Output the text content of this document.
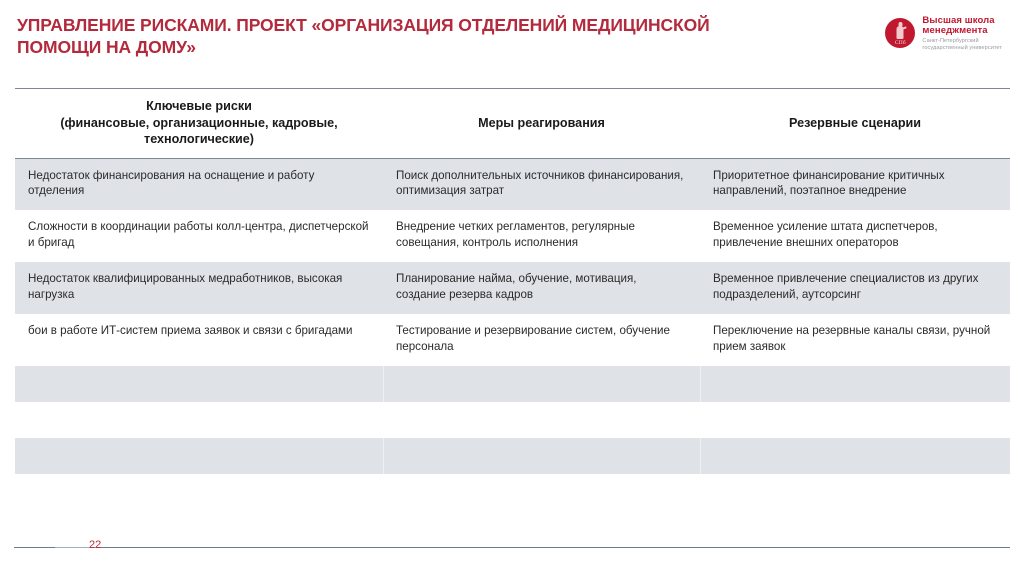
УПРАВЛЕНИЕ РИСКАМИ. ПРОЕКТ «ОРГАНИЗАЦИЯ ОТДЕЛЕНИЙ МЕДИЦИНСКОЙ ПОМОЩИ НА ДОМУ»	СПб
Высшая школа
менеджмента
Санкт-Петербургский
государственный университет
Ключевые риски
(финансовые, организационные, кадровые,
технологические)	Меры реагирования	Резервные сценарии
Недостаток финансирования на оснащение и работу отделения	Поиск дополнительных источников финансирования, оптимизация затрат	Приоритетное финансирование критичных направлений, поэтапное внедрение
Сложности в координации работы колл-центра, диспетчерской и бригад	Внедрение четких регламентов, регулярные совещания, контроль исполнения	Временное усиление штата диспетчеров, привлечение внешних операторов
Недостаток квалифицированных медработников, высокая нагрузка	Планирование найма, обучение, мотивация, создание резерва кадров	Временное привлечение специалистов из других подразделений, аутсорсинг
бои в работе ИТ-систем приема заявок и связи с бригадами	Тестирование и резервирование систем, обучение персонала	Переключение на резервные каналы связи, ручной прием заявок

22
